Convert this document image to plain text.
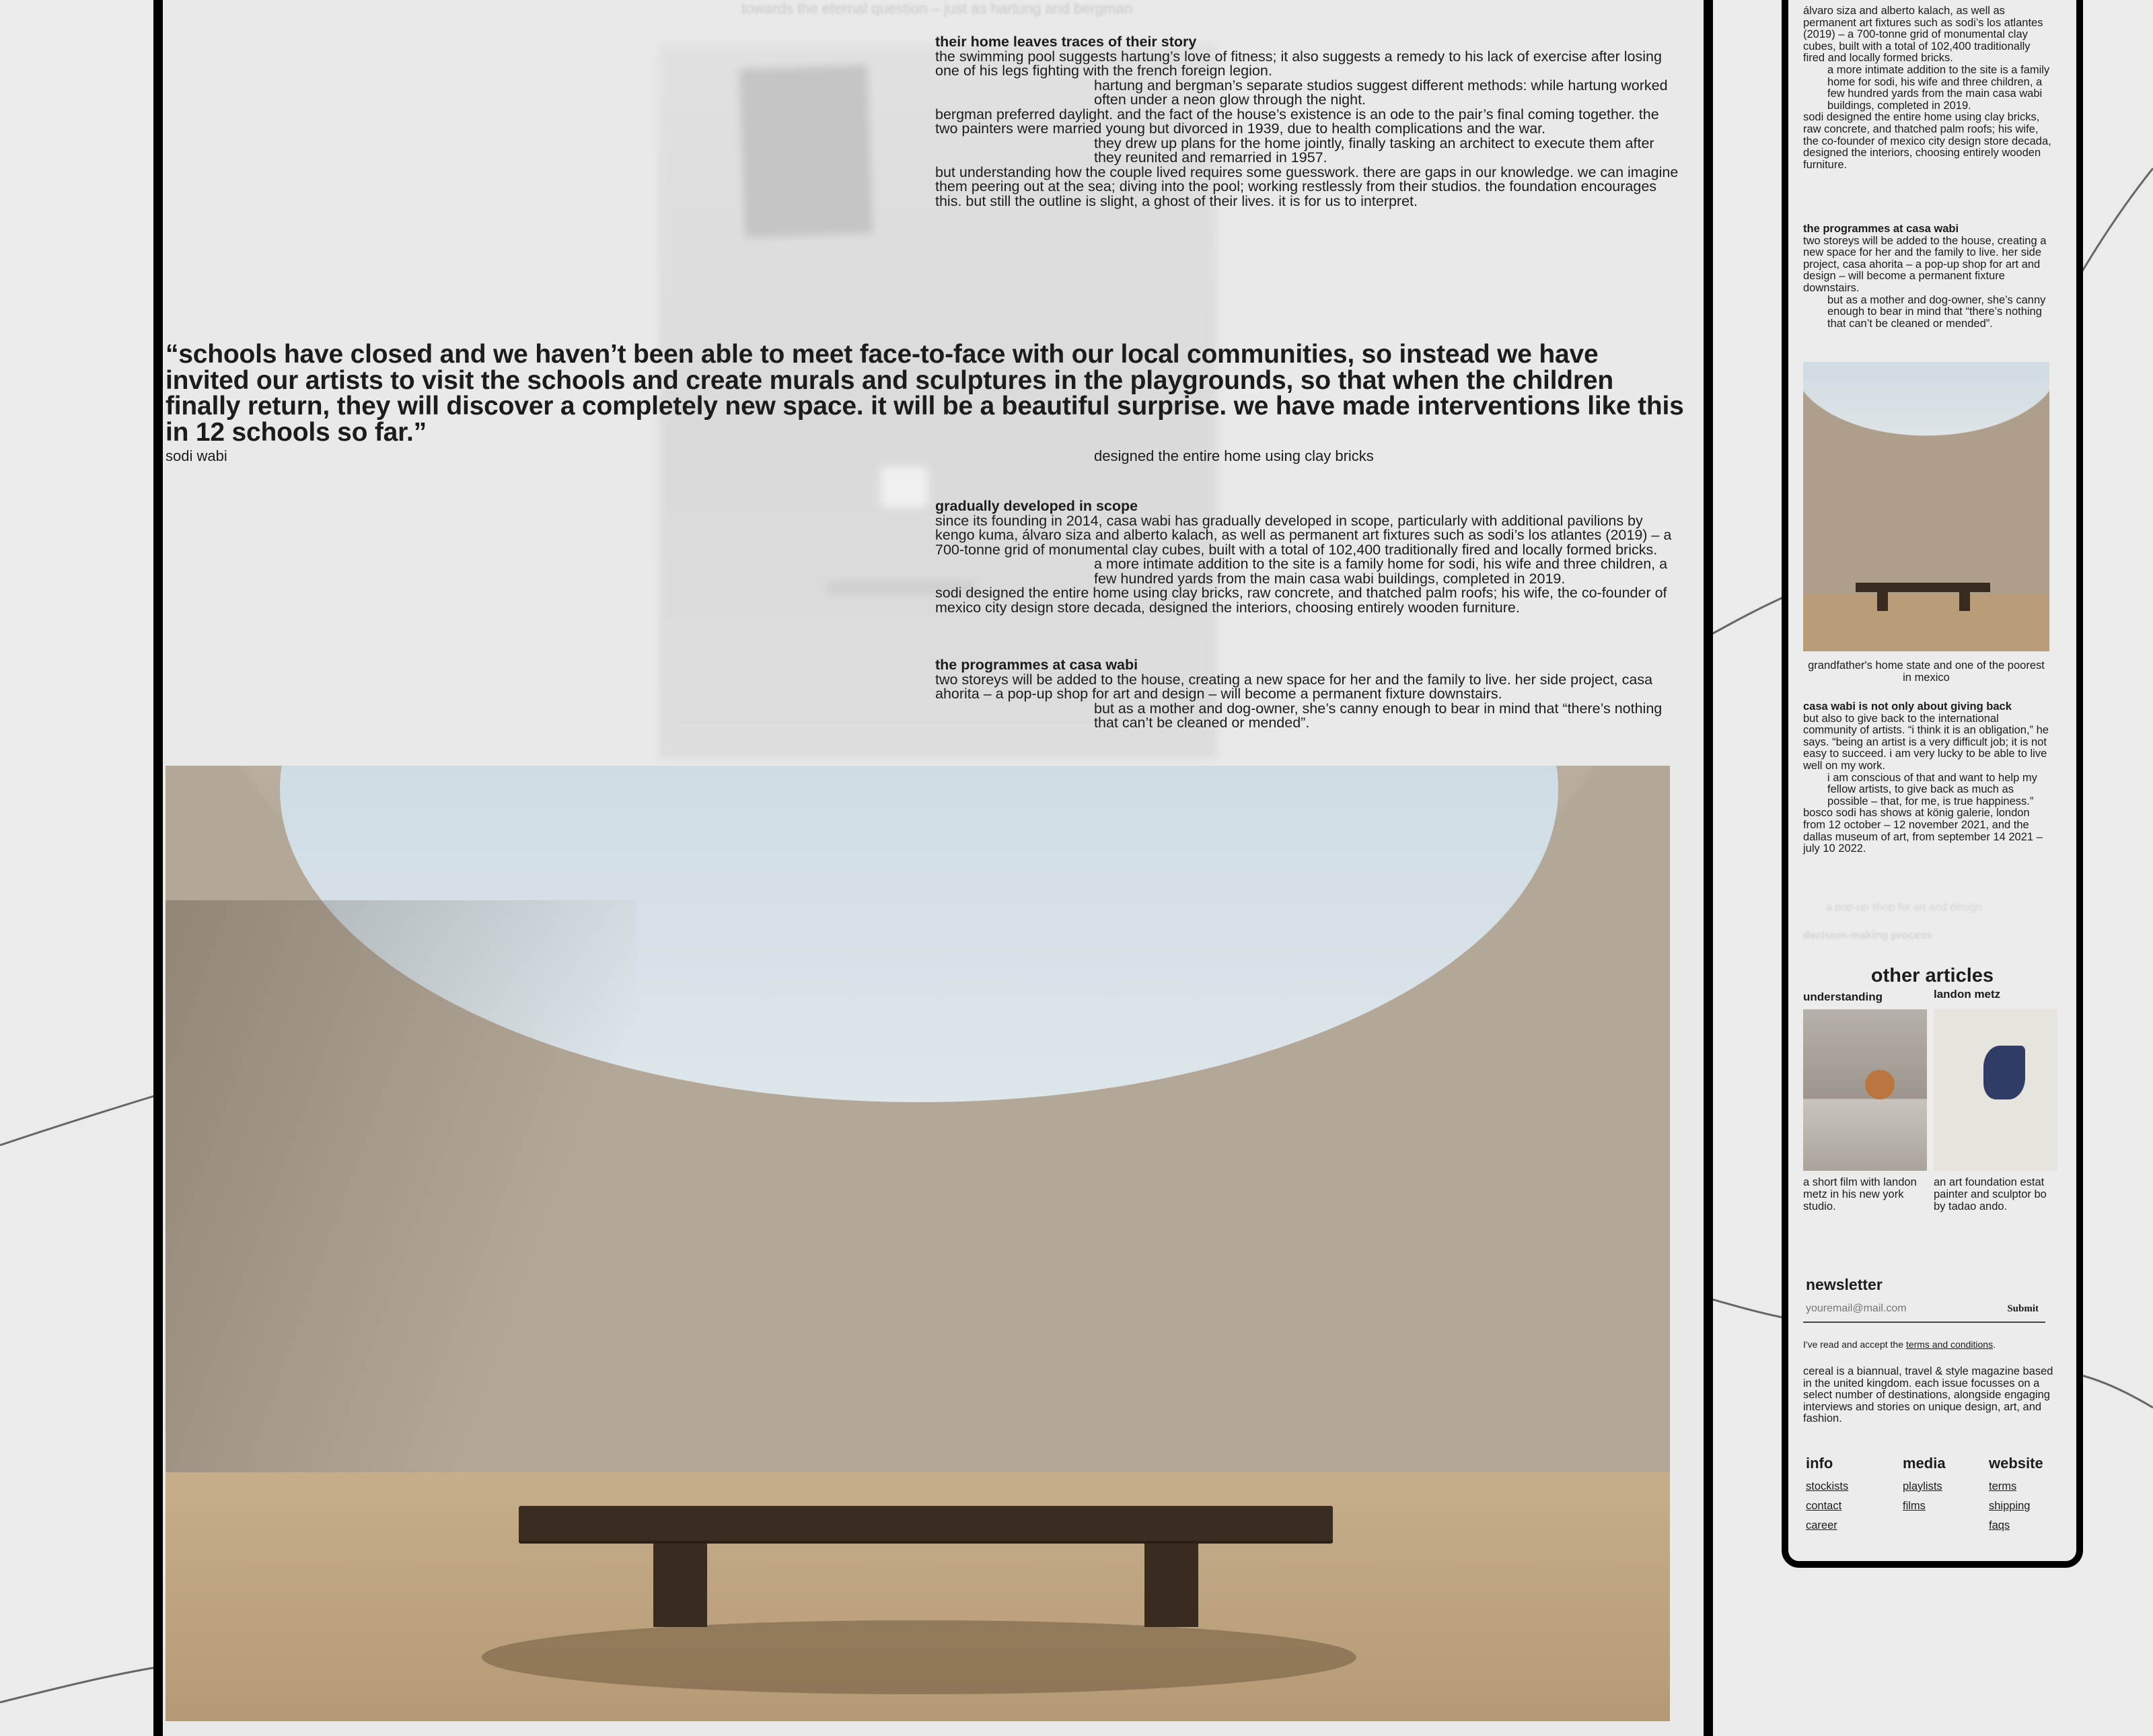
towards the eternal question – just as hartung and bergman

their home leaves traces of their story

the swimming pool suggests hartung’s love of fitness; it also suggests a remedy to his lack of exercise after losing one of his legs fighting with the french foreign legion.

hartung and bergman’s separate studios suggest different methods: while hartung worked often under a neon glow through the night.

bergman preferred daylight. and the fact of the house’s existence is an ode to the pair’s final coming together. the two painters were married young but divorced in 1939, due to health complications and the war.

they drew up plans for the home jointly, finally tasking an architect to execute them after they reunited and remarried in 1957.

but understanding how the couple lived requires some guesswork. there are gaps in our knowledge. we can imagine them peering out at the sea; diving into the pool; working restlessly from their studios. the foundation encourages this. but still the outline is slight, a ghost of their lives. it is for us to interpret.

“schools have closed and we haven’t been able to meet face-to-face with our local communities, so instead we have invited our artists to visit the schools and create murals and sculptures in the playgrounds, so that when the children finally return, they will discover a completely new space. it will be a beautiful surprise. we have made interventions like this in 12 schools so far.”
sodi wabi	designed the entire home using clay bricks

gradually developed in scope

since its founding in 2014, casa wabi has gradually developed in scope, particularly with additional pavilions by kengo kuma, álvaro siza and alberto kalach, as well as permanent art fixtures such as sodi’s los atlantes (2019) – a 700-tonne grid of monumental clay cubes, built with a total of 102,400 traditionally fired and locally formed bricks.

a more intimate addition to the site is a family home for sodi, his wife and three children, a few hundred yards from the main casa wabi buildings, completed in 2019.

sodi designed the entire home using clay bricks, raw concrete, and thatched palm roofs; his wife, the co-founder of mexico city design store decada, designed the interiors, choosing entirely wooden furniture.

the programmes at casa wabi

two storeys will be added to the house, creating a new space for her and the family to live. her side project, casa ahorita – a pop-up shop for art and design – will become a permanent fixture downstairs.

but as a mother and dog-owner, she’s canny enough to bear in mind that “there’s nothing that can’t be cleaned or mended”.

álvaro siza and alberto kalach, as well as permanent art fixtures such as sodi’s los atlantes (2019) – a 700-tonne grid of monumental clay cubes, built with a total of 102,400 traditionally fired and locally formed bricks.

a more intimate addition to the site is a family home for sodi, his wife and three children, a few hundred yards from the main casa wabi buildings, completed in 2019.

sodi designed the entire home using clay bricks, raw concrete, and thatched palm roofs; his wife, the co-founder of mexico city design store decada, designed the interiors, choosing entirely wooden furniture.

the programmes at casa wabi

two storeys will be added to the house, creating a new space for her and the family to live. her side project, casa ahorita – a pop-up shop for art and design – will become a permanent fixture downstairs.

but as a mother and dog-owner, she’s canny enough to bear in mind that “there’s nothing that can’t be cleaned or mended”.

grandfather's home state and one of the poorest in mexico

casa wabi is not only about giving back

but also to give back to the international community of artists. “i think it is an obligation,” he says. “being an artist is a very difficult job; it is not easy to succeed. i am very lucky to be able to live well on my work.

i am conscious of that and want to help my fellow artists, to give back as much as possible – that, for me, is true happiness.”

bosco sodi has shows at könig galerie, london from 12 october – 12 november 2021, and the dallas museum of art, from september 14 2021 – july 10 2022.

a pop-up shop for art and design
decision-making process
other articles
understanding
a short film with landon metz in his new york studio.
landon metz
an art foundation estat painter and sculptor bo by tadao ando.
newsletter
youremail@mail.com
Submit
I've read and accept the terms and conditions.
cereal is a biannual, travel & style magazine based in the united kingdom. each issue focusses on a select number of destinations, alongside engaging interviews and stories on unique design, art, and fashion.
info
stockists
contact
career
media
playlists
films
website
terms
shipping
faqs
